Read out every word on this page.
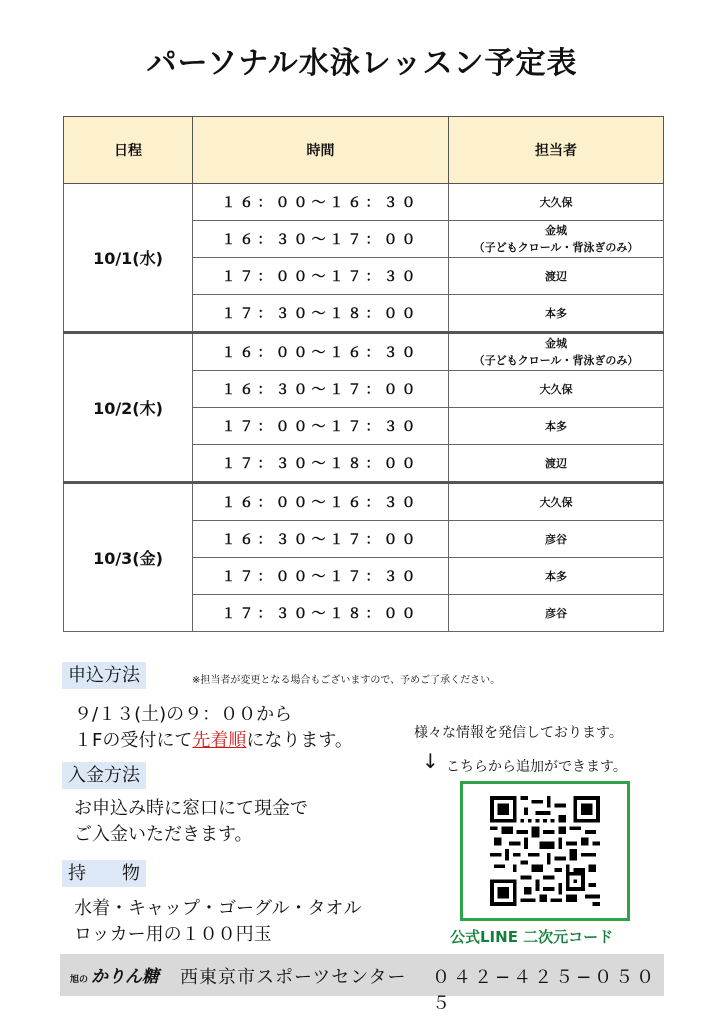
パーソナル水泳レッスン予定表
日程	時間	担当者
10/1(水)	１６：００〜１６：３０	大久保
	１６：３０〜１７：００	金城
（子どもクロール・背泳ぎのみ）
	１７：００〜１７：３０	渡辺
	１７：３０〜１８：００	本多
10/2(木)	１６：００〜１６：３０	金城
（子どもクロール・背泳ぎのみ）
	１６：３０〜１７：００	大久保
	１７：００〜１７：３０	本多
	１７：３０〜１８：００	渡辺
10/3(金)	１６：００〜１６：３０	大久保
	１６：３０〜１７：００	彦谷
	１７：００〜１７：３０	本多
	１７：３０〜１８：００	彦谷
申込方法	※担当者が変更となる場合もございますので、予めご了承ください。
９/１３(土)の９：００から
１Fの受付にて先着順になります。
入金方法
お申込み時に窓口にて現金で
ご入金いただきます。
持　　物
水着・キャップ・ゴーグル・タオル
ロッカー用の１００円玉
様々な情報を発信しております。
↓ こちらから追加ができます。
公式LINE 二次元コード
旭の かりん糖 西東京市スポーツセンター ０４２−４２５−０５０５
